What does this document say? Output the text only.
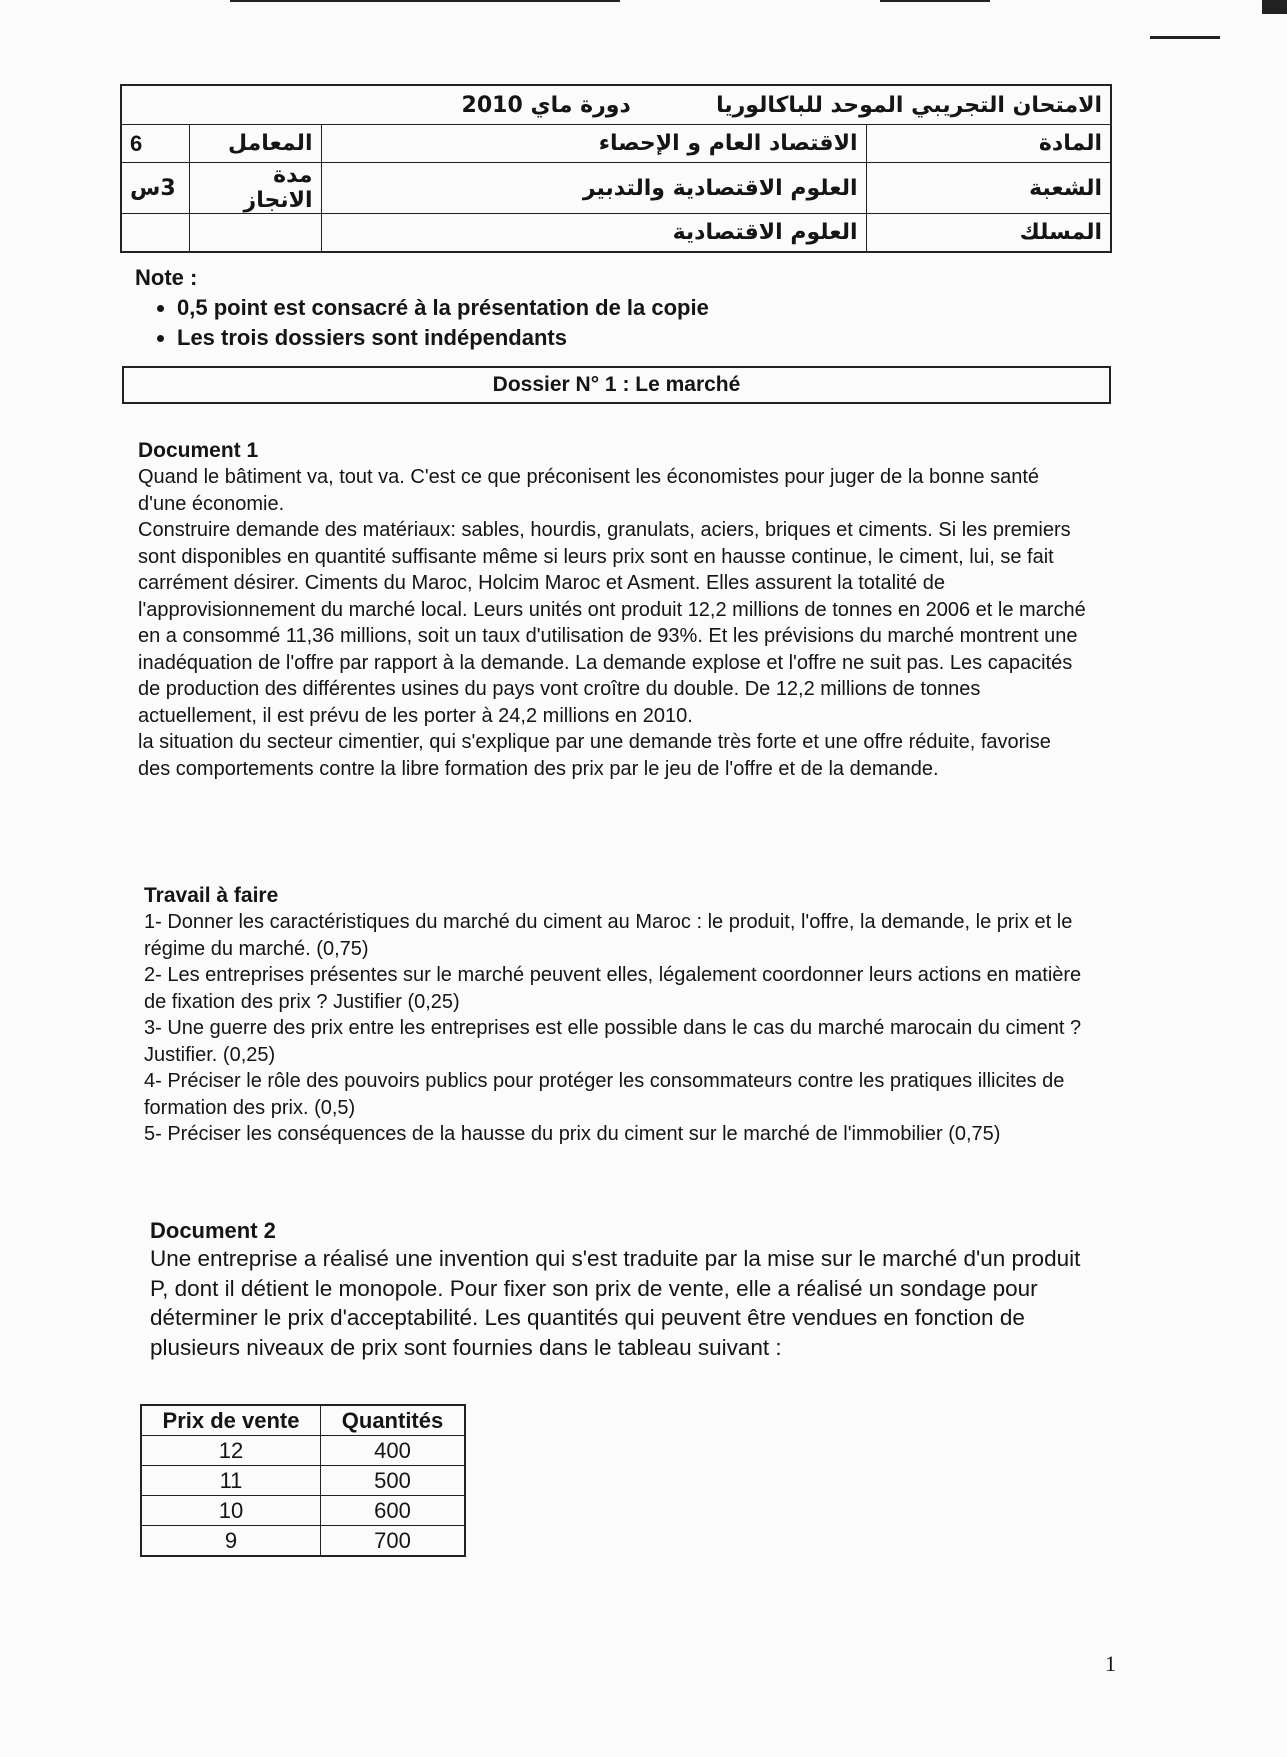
الامتحان التجريبي الموحد للباكالوريا  دورة ماي 2010			
6	المعامل	الاقتصاد العام و الإحصاء	المادة
3س	مدة الانجاز	العلوم الاقتصادية والتدبير	الشعبة
		العلوم الاقتصادية	المسلك
Note :
• 0,5 point est consacré à la présentation de la copie
• Les trois dossiers sont indépendants
Dossier N° 1 : Le marché
Document 1

Quand le bâtiment va, tout va. C'est ce que préconisent les économistes pour juger de la bonne santé d'une économie.

Construire demande des matériaux: sables, hourdis, granulats, aciers, briques et ciments. Si les premiers sont disponibles en quantité suffisante même si leurs prix sont en hausse continue, le ciment, lui, se fait carrément désirer. Ciments du Maroc, Holcim Maroc et Asment. Elles assurent la totalité de l'approvisionnement du marché local. Leurs unités ont produit 12,2 millions de tonnes en 2006 et le marché en a consommé 11,36 millions, soit un taux d'utilisation de 93%. Et les prévisions du marché montrent une inadéquation de l'offre par rapport à la demande. La demande explose et l'offre ne suit pas. Les capacités de production des différentes usines du pays vont croître du double. De 12,2 millions de tonnes actuellement, il est prévu de les porter à 24,2 millions en 2010.

la situation du secteur cimentier, qui s'explique par une demande très forte et une offre réduite, favorise des comportements contre la libre formation des prix par le jeu de l'offre et de la demande.

Travail à faire

1- Donner les caractéristiques du marché du ciment au Maroc : le produit, l'offre, la demande, le prix et le régime du marché. (0,75)

2- Les entreprises présentes sur le marché peuvent elles, légalement coordonner leurs actions en matière de fixation des prix ? Justifier (0,25)

3- Une guerre des prix entre les entreprises est elle possible dans le cas du marché marocain du ciment ? Justifier. (0,25)

4- Préciser le rôle des pouvoirs publics pour protéger les consommateurs contre les pratiques illicites de formation des prix. (0,5)

5- Préciser les conséquences de la hausse du prix du ciment sur le marché de l'immobilier (0,75)

Document 2

Une entreprise a réalisé une invention qui s'est traduite par la mise sur le marché d'un produit P, dont il détient le monopole. Pour fixer son prix de vente, elle a réalisé un sondage pour déterminer le prix d'acceptabilité. Les quantités qui peuvent être vendues en fonction de plusieurs niveaux de prix sont fournies dans le tableau suivant :

Prix de vente	Quantités
12	400
11	500
10	600
9	700
1
